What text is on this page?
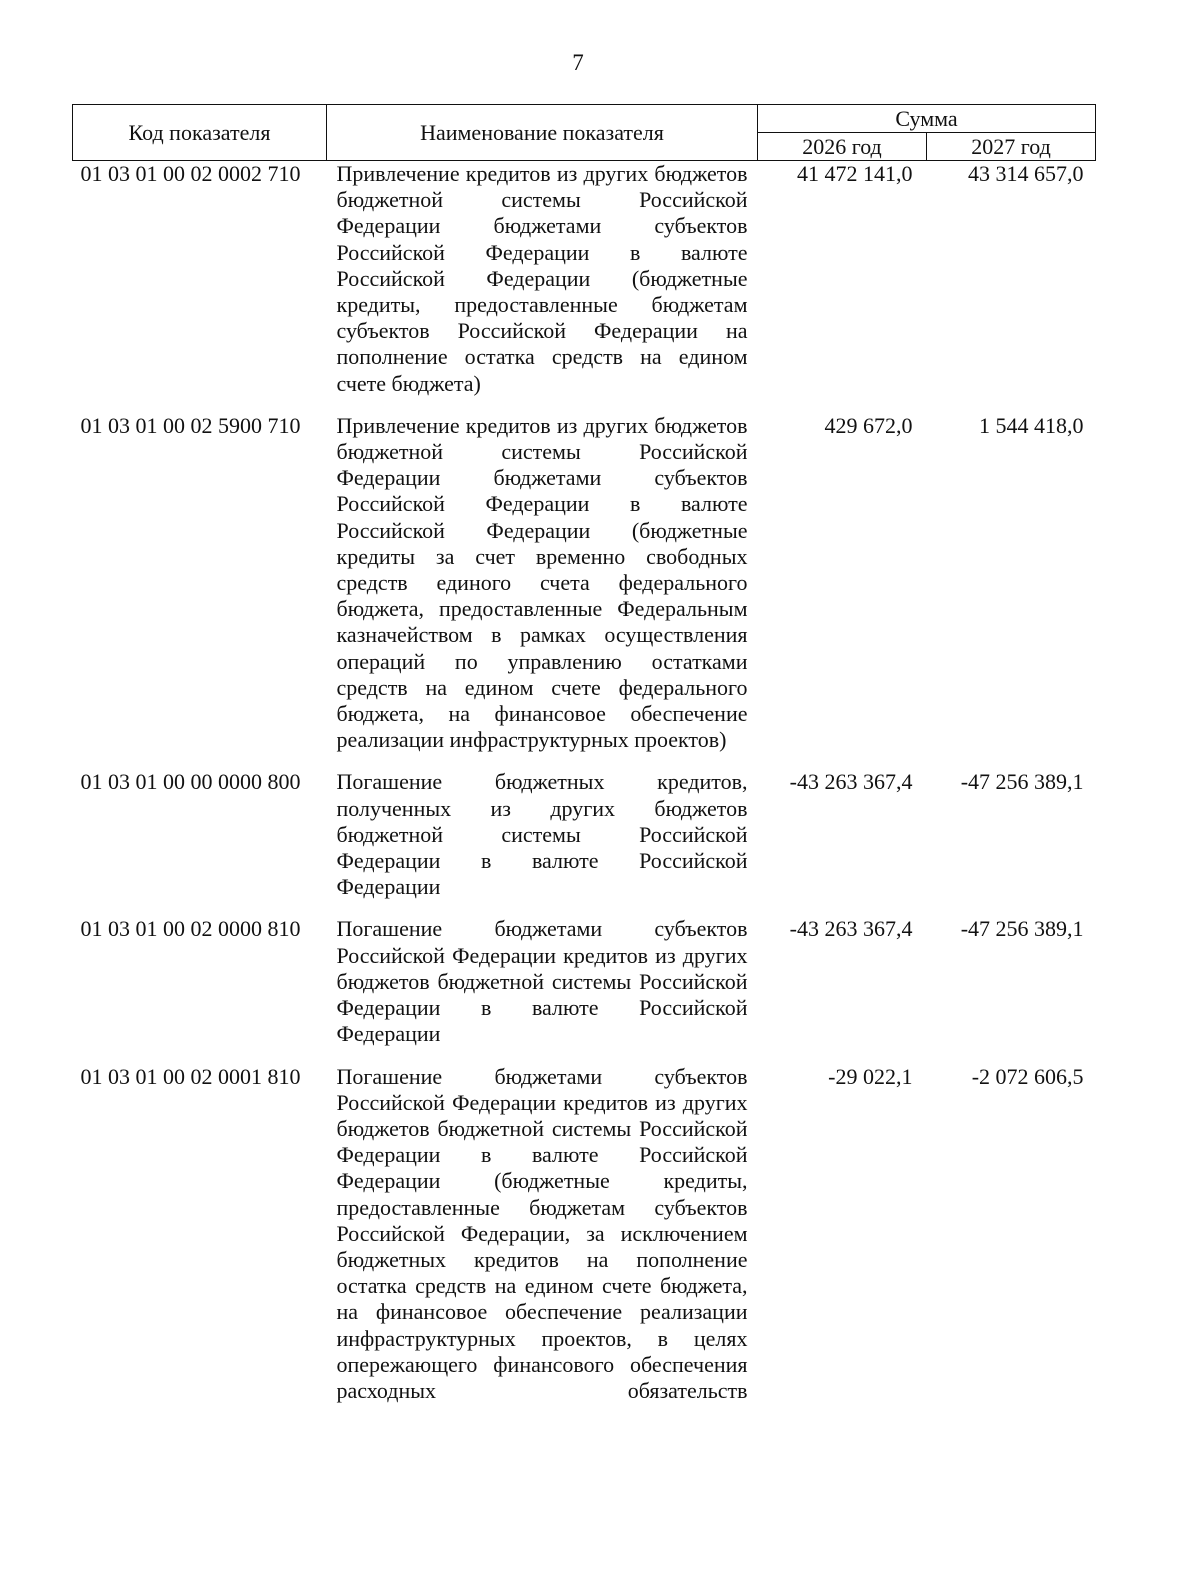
7
Код показателя	Наименование показателя	Сумма	
		2026 год	2027 год
01 03 01 00 02 0002 710	Привлечение кредитов из других бюджетов бюджетной системы Российской Федерации бюджетами субъектов Российской Федерации в валюте Российской Федерации (бюджетные кредиты, предоставленные бюджетам субъектов Российской Федерации на пополнение остатка средств на едином счете бюджета)	41 472 141,0	43 314 657,0
01 03 01 00 02 5900 710	Привлечение кредитов из других бюджетов бюджетной системы Российской Федерации бюджетами субъектов Российской Федерации в валюте Российской Федерации (бюджетные кредиты за счет временно свободных средств единого счета федерального бюджета, предоставленные Федеральным казначейством в рамках осуществления операций по управлению остатками средств на едином счете федерального бюджета, на финансовое обеспечение реализации инфраструктурных проектов)	429 672,0	1 544 418,0
01 03 01 00 00 0000 800	Погашение бюджетных кредитов, полученных из других бюджетов бюджетной системы Российской Федерации в валюте Российской Федерации	-43 263 367,4	-47 256 389,1
01 03 01 00 02 0000 810	Погашение бюджетами субъектов Российской Федерации кредитов из других бюджетов бюджетной системы Российской Федерации в валюте Российской Федерации	-43 263 367,4	-47 256 389,1
01 03 01 00 02 0001 810	Погашение бюджетами субъектов Российской Федерации кредитов из других бюджетов бюджетной системы Российской Федерации в валюте Российской Федерации (бюджетные кредиты, предоставленные бюджетам субъектов Российской Федерации, за исключением бюджетных кредитов на пополнение остатка средств на едином счете бюджета, на финансовое обеспечение реализации инфраструктурных проектов, в целях опережающего финансового обеспечения расходных обязательств	-29 022,1	-2 072 606,5
